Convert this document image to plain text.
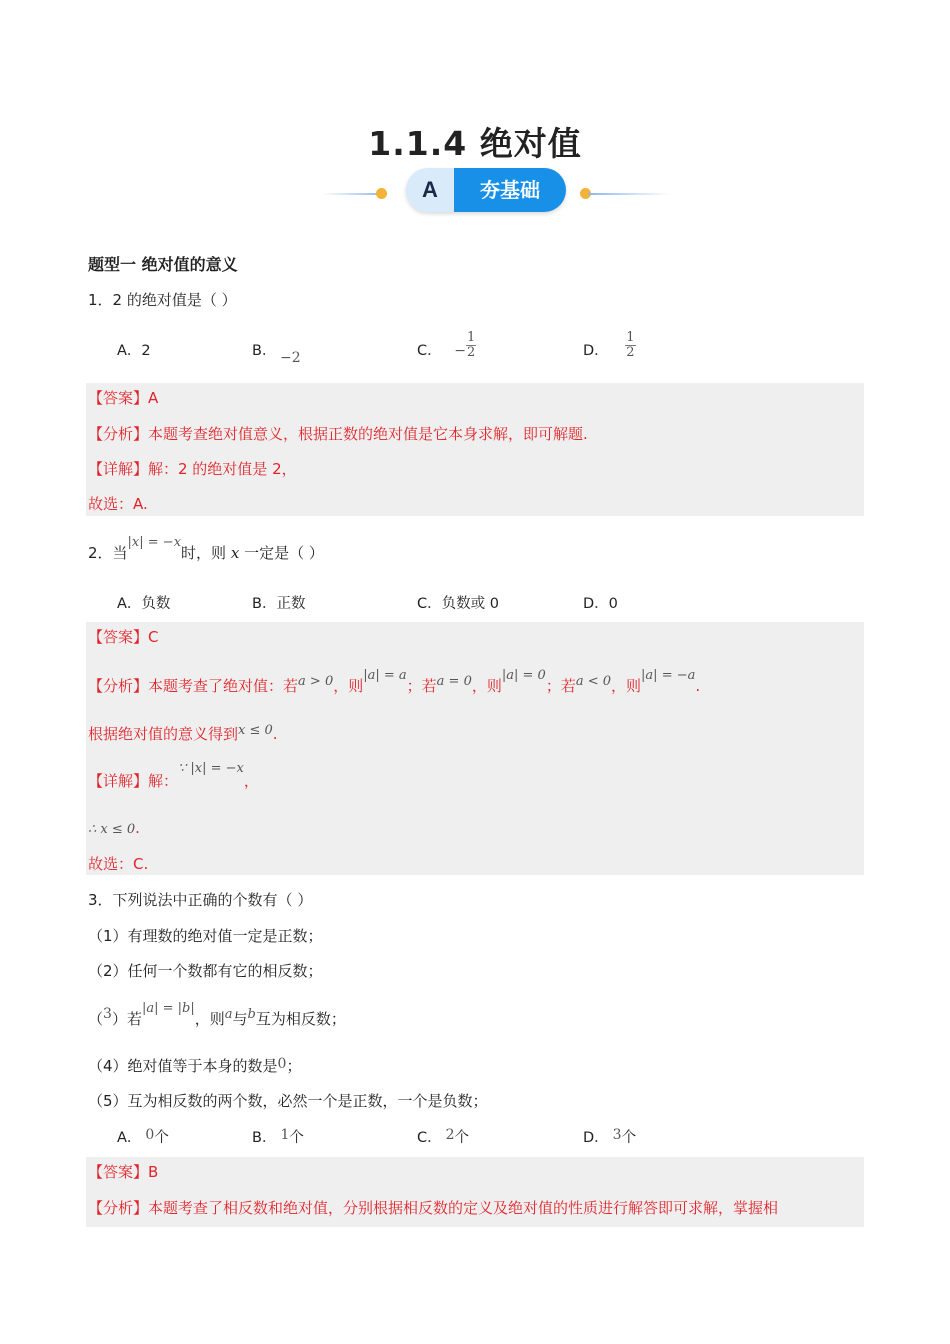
1.1.4 绝对值
A	夯基础
题型一 绝对值的意义
1．2 的绝对值是（ ）
A．2	B． −2	C． − $\frac{1}{2}$	D． $\frac{1}{2}$
【答案】A
【分析】本题考查绝对值意义，根据正数的绝对值是它本身求解，即可解题.
【详解】解：2 的绝对值是 2，
故选：A.
2．当|x| = −x时，则 x 一定是（ ）
A．负数	B．正数	C．负数或 0	D．0
【答案】C
【分析】本题考查了绝对值：若a > 0，则|a| = a；若a = 0，则|a| = 0；若a < 0，则|a| = −a.
根据绝对值的意义得到x ≤ 0.
【详解】解：∵ |x| = −x，
∴ x ≤ 0.
故选：C.
3．下列说法中正确的个数有（ ）
（1）有理数的绝对值一定是正数；
（2）任何一个数都有它的相反数；
（3）若|a| = |b|，则a与b互为相反数；
（4）绝对值等于本身的数是0；
（5）互为相反数的两个数，必然一个是正数，一个是负数；
A． 0个	B． 1个	C． 2个	D． 3个
【答案】B
【分析】本题考查了相反数和绝对值，分别根据相反数的定义及绝对值的性质进行解答即可求解，掌握相
